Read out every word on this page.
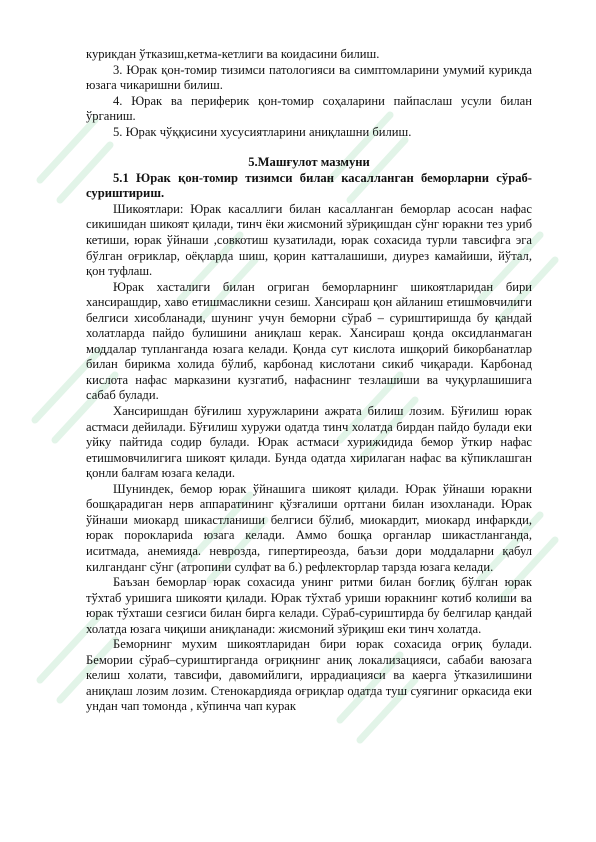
курикдан ўтказиш,кетма-кетлиги ва коидасини билиш.

3. Юрак қон-томир тизимси патологияси ва симптомларини умумий курикда юзага чикаришни билиш.

4. Юрак ва периферик қон-томир соҳаларини пайпаслаш усули билан ўрганиш.

5. Юрак чўққисини хусусиятларини аниқлашни билиш.

5.Машғулот мазмуни

5.1 Юрак қон-томир тизимси билан касалланган беморларни сўраб-суриштириш.

Шикоятлари: Юрак касаллиги билан касалланган беморлар асосан нафас сикишидан шикоят қилади, тинч ёки жисмоний зўриқишдан сўнг юракни тез уриб кетиши, юрак ўйнаши ,совкотиш кузатилади, юрак сохасида турли тавсифга эга бўлган оғриклар, оёқларда шиш, қорин катталашиши, диурез камайиши, йўтал, қон туфлаш.

Юрак хасталиги билан огриган беморларнинг шикоятларидан бири хансирашдир, хаво етишмасликни сезиш. Хансираш қон айланиш етишмовчилиги белгиси хисобланади, шунинг учун беморни сўраб – суриштиришда бу қандай холатларда пайдо булишини аниқлаш керак. Хансираш қонда оксидланмаган моддалар тупланганда юзага келади. Қонда сут кислота ишқорий бикорбанатлар билан бирикма холида бўлиб, карбонад кислотани сикиб чиқаради. Карбонад кислота нафас марказини кузгатиб, нафаснинг тезлашиши ва чуқурлашишига сабаб булади.

Хансиришдан бўғилиш хуружларини ажрата билиш лозим. Бўғилиш юрак астмаси дейилади. Бўғилиш хуружи одатда тинч холатда бирдан пайдо булади еки уйку пайтида содир булади. Юрак астмаси хурижидида бемор ўткир нафас етишмовчилигига шикоят қилади. Бунда одатда хирилаган нафас ва кўпиклашган қонли балғам юзага келади.

Шуниндек, бемор юрак ўйнашига шикоят қилади. Юрак ўйнаши юракни бошқарадиган нерв аппаратининг қўзғалиши ортгани билан изохланади. Юрак ўйнаши миокард шикастланиши белгиси бўлиб, миокардит, миокард инфаркди, юрак пороклариda юзага келади. Аммо бошқа органлар шикастланганда, иситмада, анемияда. неврозда, гипертиреозда, баъзи дори моддаларни қабул килганданг сўнг (атропини сулфат ва б.) рефлекторлар тарзда юзага келади.

Баъзан беморлар юрак сохасида унинг ритми билан боғлиқ бўлган юрак тўхтаб уришига шикояти қилади. Юрак тўхтаб уриши юракнинг котиб колиши ва юрак тўхташи сезгиси билан бирга келади. Сўраб-суриштирда бу белгилар қандай холатда юзага чиқиши аниқланади: жисмоний зўриқиш еки тинч холатда.

Беморнинг мухим шикоятларидан бири юрак сохасида оғриқ булади. Бемории сўраб–суриштирганда оғриқнинг аниқ локализацияси, сабаби ваюзага келиш холати, тавсифи, давомийлиги, иррадиацияси ва каерга ўтказилишини аниқлаш лозим лозим. Стенокардияда оғриқлар одатда туш суягиниг оркасида еки ундан чап томонда , кўпинча чап курак
